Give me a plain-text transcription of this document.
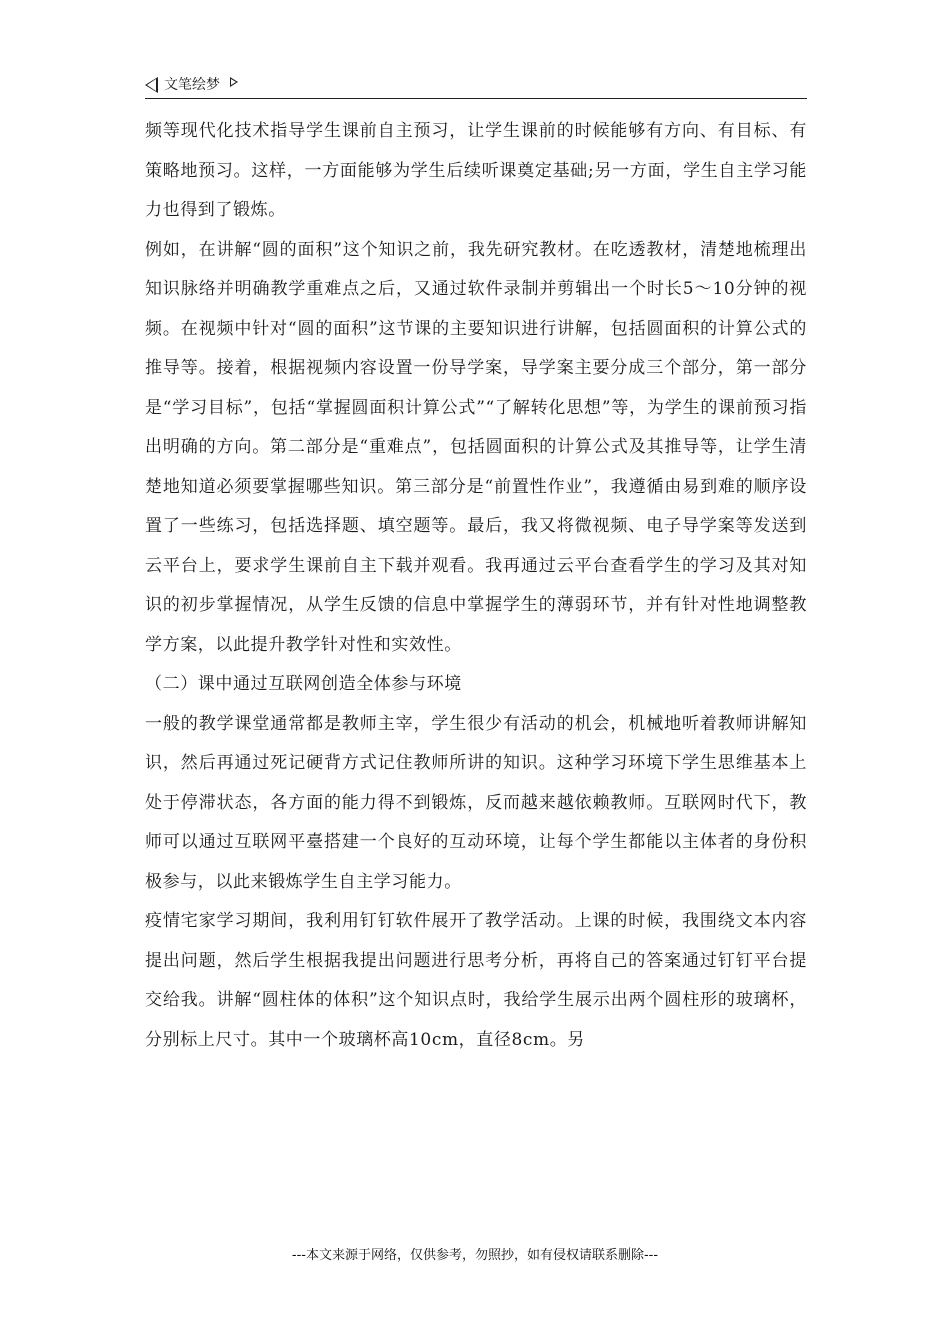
文笔绘梦

频等现代化技术指导学生课前自主预习，让学生课前的时候能够有方向、有目标、有策略地预习。这样，一方面能够为学生后续听课奠定基础;另一方面，学生自主学习能力也得到了锻炼。

例如，在讲解“圆的面积”这个知识之前，我先研究教材。在吃透教材，清楚地梳理出知识脉络并明确教学重难点之后，又通过软件录制并剪辑出一个时长5～10分钟的视频。在视频中针对“圆的面积”这节课的主要知识进行讲解，包括圆面积的计算公式的推导等。接着，根据视频内容设置一份导学案，导学案主要分成三个部分，第一部分是“学习目标”，包括“掌握圆面积计算公式”“了解转化思想”等，为学生的课前预习指出明确的方向。第二部分是“重难点”，包括圆面积的计算公式及其推导等，让学生清楚地知道必须要掌握哪些知识。第三部分是“前置性作业”，我遵循由易到难的顺序设置了一些练习，包括选择题、填空题等。最后，我又将微视频、电子导学案等发送到云平台上，要求学生课前自主下载并观看。我再通过云平台查看学生的学习及其对知识的初步掌握情况，从学生反馈的信息中掌握学生的薄弱环节，并有针对性地调整教学方案，以此提升教学针对性和实效性。

（二）课中通过互联网创造全体参与环境

一般的教学课堂通常都是教师主宰，学生很少有活动的机会，机械地听着教师讲解知识，然后再通过死记硬背方式记住教师所讲的知识。这种学习环境下学生思维基本上处于停滞状态，各方面的能力得不到锻炼，反而越来越依赖教师。互联网时代下，教师可以通过互联网平臺搭建一个良好的互动环境，让每个学生都能以主体者的身份积极参与，以此来锻炼学生自主学习能力。

疫情宅家学习期间，我利用钉钉软件展开了教学活动。上课的时候，我围绕文本内容提出问题，然后学生根据我提出问题进行思考分析，再将自己的答案通过钉钉平台提交给我。讲解“圆柱体的体积”这个知识点时，我给学生展示出两个圆柱形的玻璃杯，分别标上尺寸。其中一个玻璃杯高10cm，直径8cm。另

---本文来源于网络，仅供参考，勿照抄，如有侵权请联系删除---
